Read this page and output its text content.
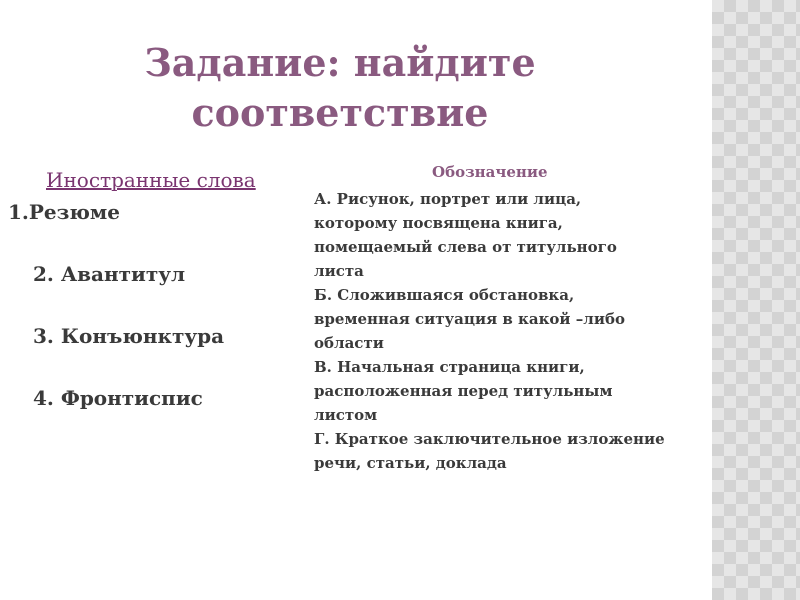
Задание: найдите
соответствие
Иностранные слова
1.Резюме
2. Авантитул
3. Конъюнктура
4. Фронтиспис
Обозначение
А. Рисунок, портрет или лица,
которому посвящена книга,
помещаемый слева от титульного
листа
Б. Сложившаяся обстановка,
временная ситуация в какой –либо
области
В. Начальная страница книги,
расположенная перед титульным
листом
Г. Краткое заключительное изложение
речи, статьи, доклада
